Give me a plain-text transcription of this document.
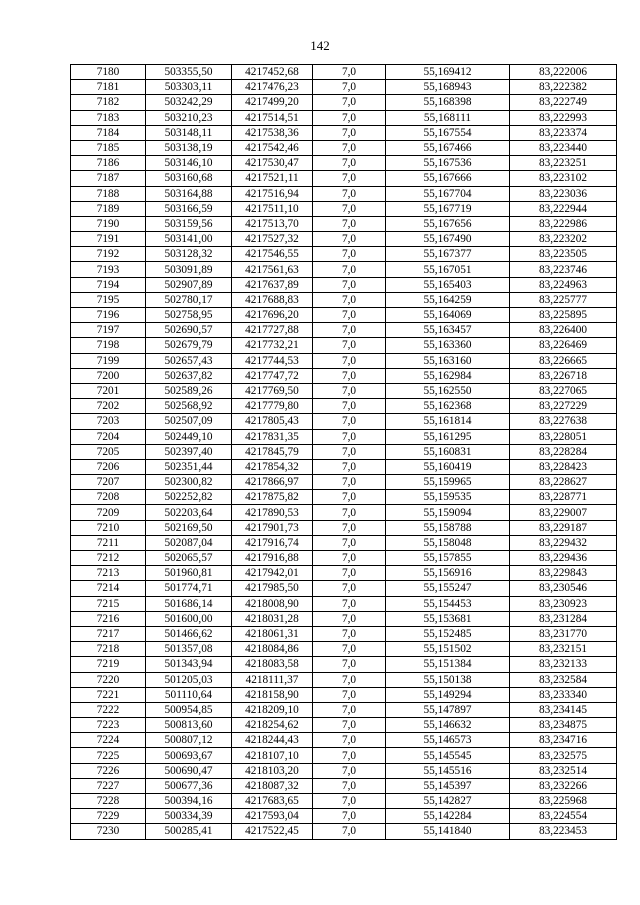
142
7180	503355,50	4217452,68	7,0	55,169412	83,222006
7181	503303,11	4217476,23	7,0	55,168943	83,222382
7182	503242,29	4217499,20	7,0	55,168398	83,222749
7183	503210,23	4217514,51	7,0	55,168111	83,222993
7184	503148,11	4217538,36	7,0	55,167554	83,223374
7185	503138,19	4217542,46	7,0	55,167466	83,223440
7186	503146,10	4217530,47	7,0	55,167536	83,223251
7187	503160,68	4217521,11	7,0	55,167666	83,223102
7188	503164,88	4217516,94	7,0	55,167704	83,223036
7189	503166,59	4217511,10	7,0	55,167719	83,222944
7190	503159,56	4217513,70	7,0	55,167656	83,222986
7191	503141,00	4217527,32	7,0	55,167490	83,223202
7192	503128,32	4217546,55	7,0	55,167377	83,223505
7193	503091,89	4217561,63	7,0	55,167051	83,223746
7194	502907,89	4217637,89	7,0	55,165403	83,224963
7195	502780,17	4217688,83	7,0	55,164259	83,225777
7196	502758,95	4217696,20	7,0	55,164069	83,225895
7197	502690,57	4217727,88	7,0	55,163457	83,226400
7198	502679,79	4217732,21	7,0	55,163360	83,226469
7199	502657,43	4217744,53	7,0	55,163160	83,226665
7200	502637,82	4217747,72	7,0	55,162984	83,226718
7201	502589,26	4217769,50	7,0	55,162550	83,227065
7202	502568,92	4217779,80	7,0	55,162368	83,227229
7203	502507,09	4217805,43	7,0	55,161814	83,227638
7204	502449,10	4217831,35	7,0	55,161295	83,228051
7205	502397,40	4217845,79	7,0	55,160831	83,228284
7206	502351,44	4217854,32	7,0	55,160419	83,228423
7207	502300,82	4217866,97	7,0	55,159965	83,228627
7208	502252,82	4217875,82	7,0	55,159535	83,228771
7209	502203,64	4217890,53	7,0	55,159094	83,229007
7210	502169,50	4217901,73	7,0	55,158788	83,229187
7211	502087,04	4217916,74	7,0	55,158048	83,229432
7212	502065,57	4217916,88	7,0	55,157855	83,229436
7213	501960,81	4217942,01	7,0	55,156916	83,229843
7214	501774,71	4217985,50	7,0	55,155247	83,230546
7215	501686,14	4218008,90	7,0	55,154453	83,230923
7216	501600,00	4218031,28	7,0	55,153681	83,231284
7217	501466,62	4218061,31	7,0	55,152485	83,231770
7218	501357,08	4218084,86	7,0	55,151502	83,232151
7219	501343,94	4218083,58	7,0	55,151384	83,232133
7220	501205,03	4218111,37	7,0	55,150138	83,232584
7221	501110,64	4218158,90	7,0	55,149294	83,233340
7222	500954,85	4218209,10	7,0	55,147897	83,234145
7223	500813,60	4218254,62	7,0	55,146632	83,234875
7224	500807,12	4218244,43	7,0	55,146573	83,234716
7225	500693,67	4218107,10	7,0	55,145545	83,232575
7226	500690,47	4218103,20	7,0	55,145516	83,232514
7227	500677,36	4218087,32	7,0	55,145397	83,232266
7228	500394,16	4217683,65	7,0	55,142827	83,225968
7229	500334,39	4217593,04	7,0	55,142284	83,224554
7230	500285,41	4217522,45	7,0	55,141840	83,223453
